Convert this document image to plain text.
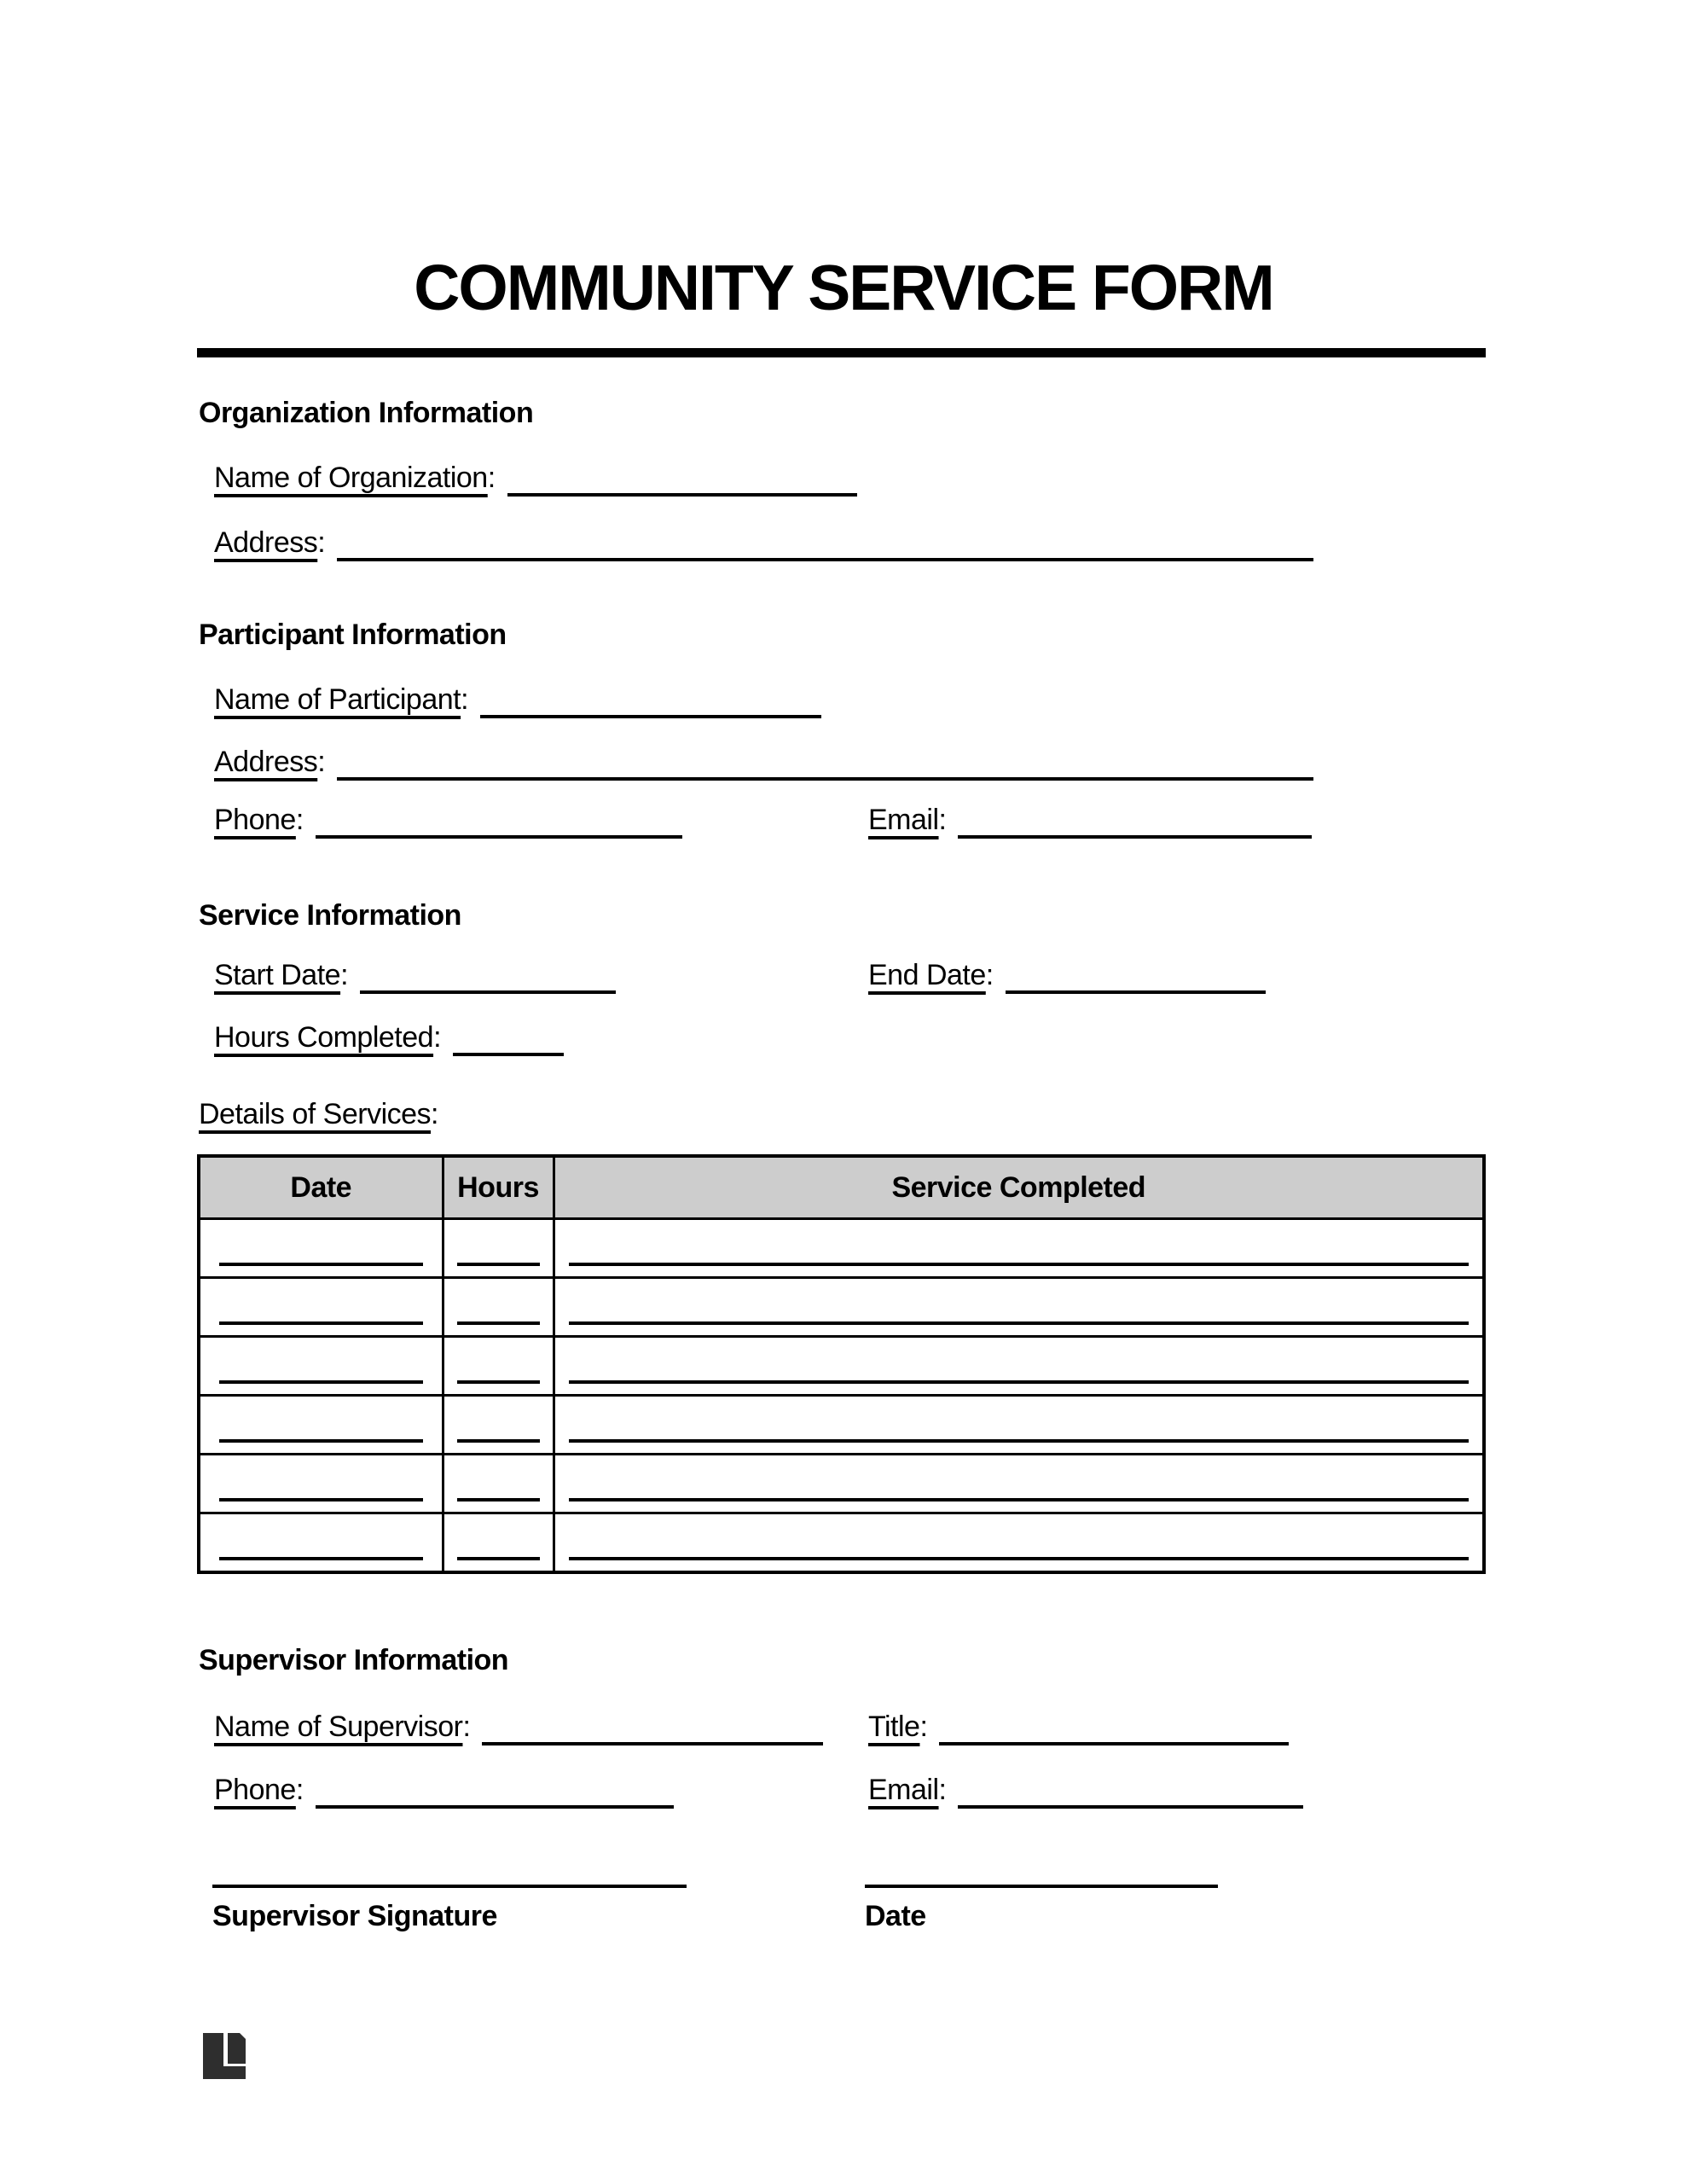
COMMUNITY SERVICE FORM
Organization Information
Name of Organization :
Address :
Participant Information
Name of Participant :
Address :
Phone :	Email :
Service Information
Start Date :	End Date :
Hours Completed :
Details of Services :
Date	Hours	Service Completed

Supervisor Information
Name of Supervisor :	Title :
Phone :	Email :
Supervisor Signature	Date
